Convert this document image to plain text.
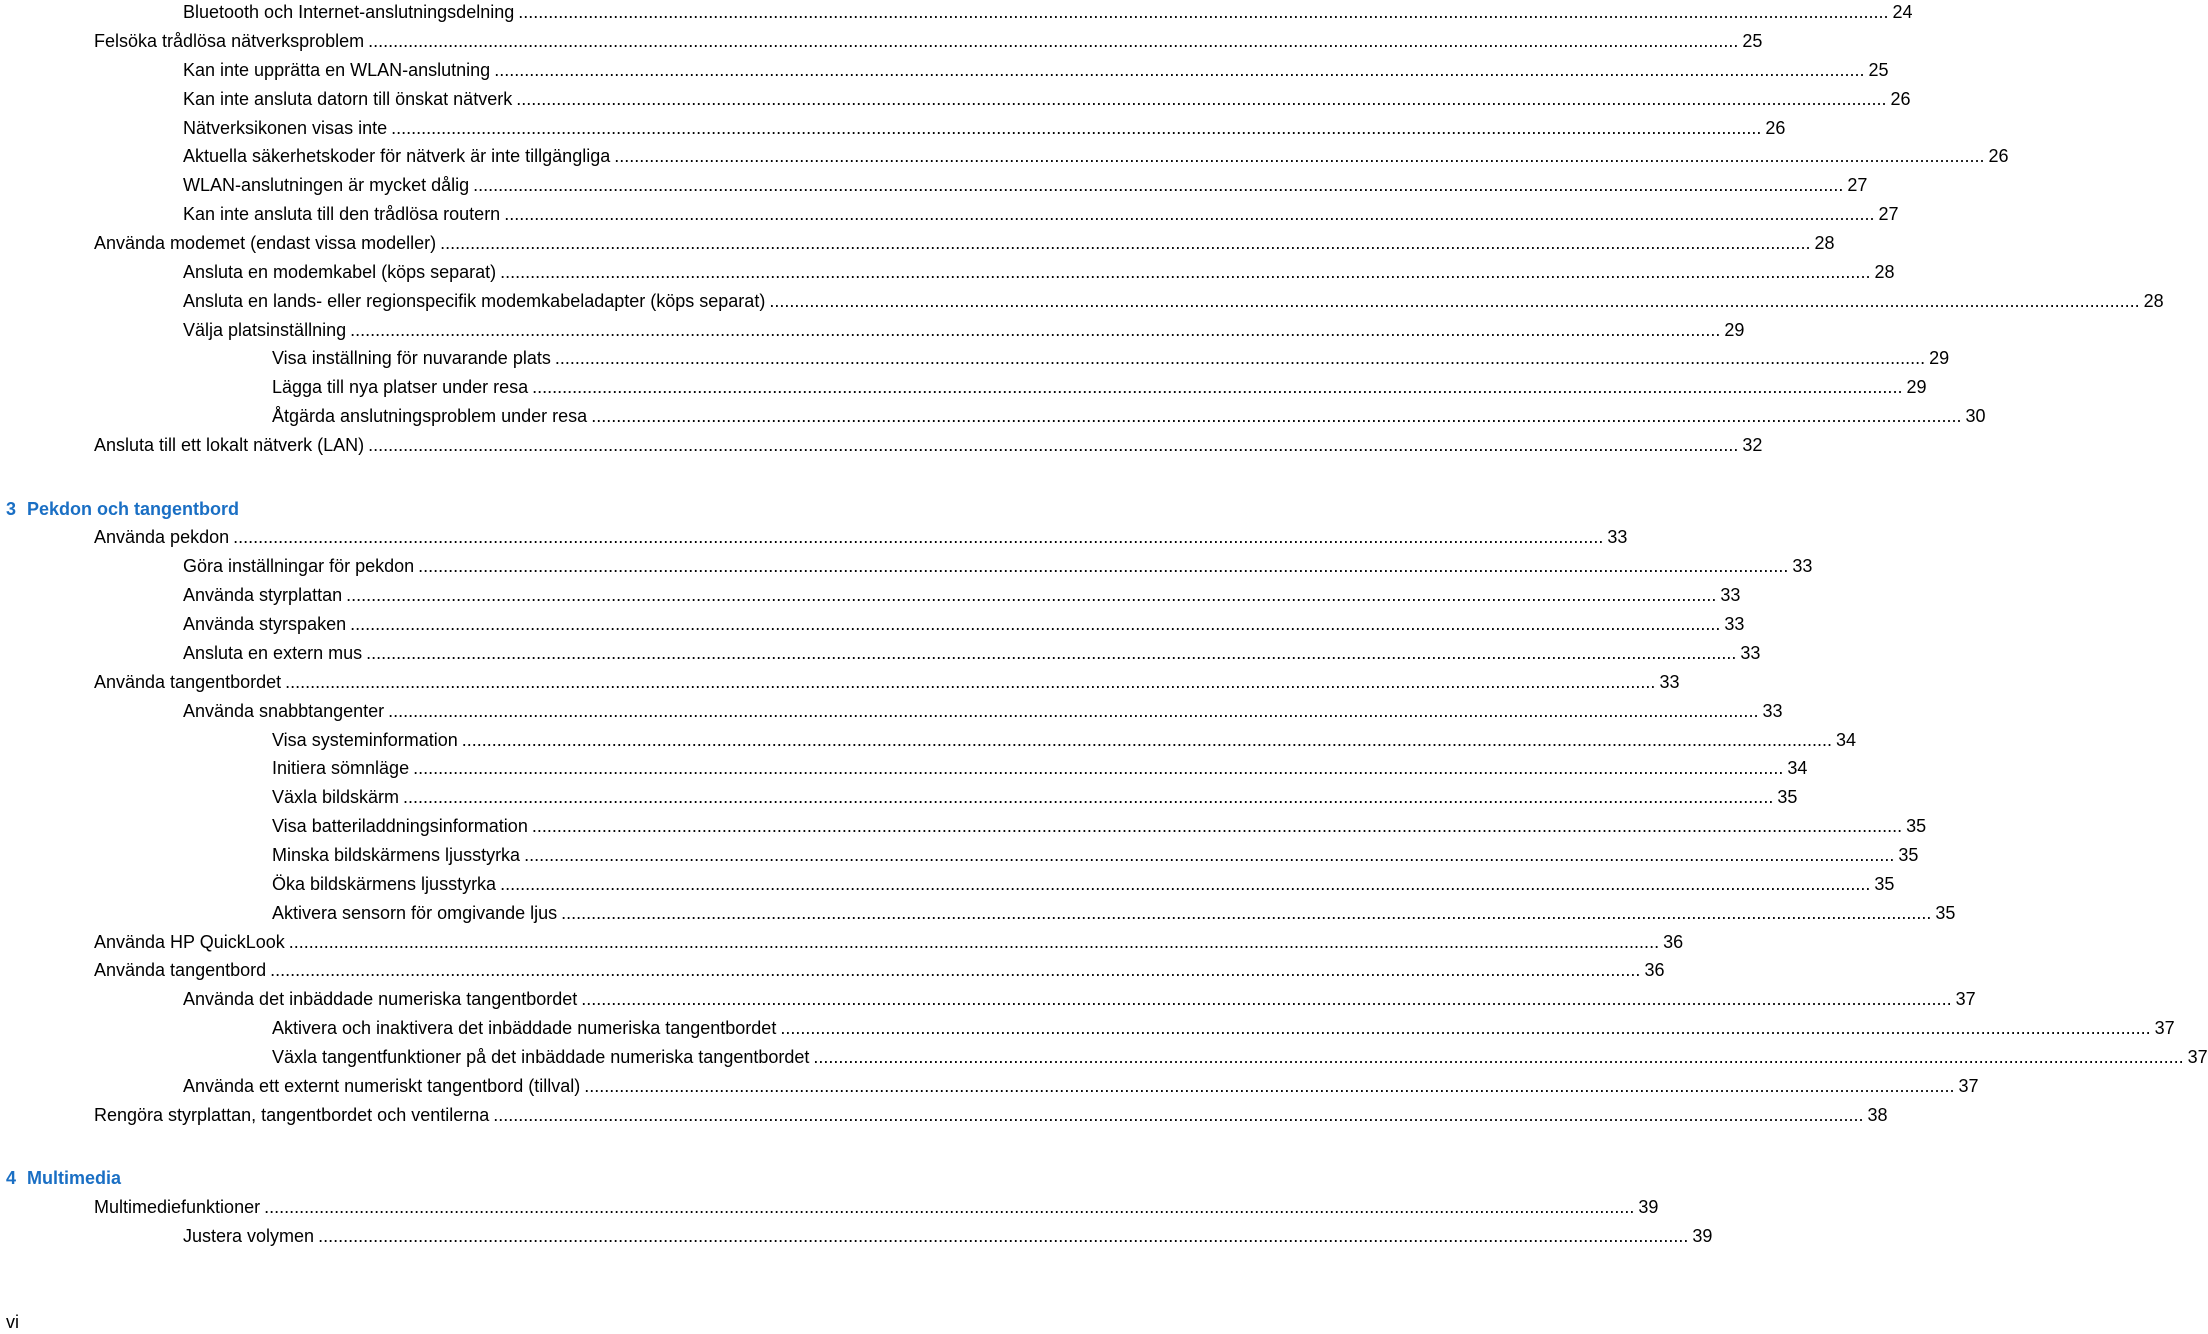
Bluetooth och Internet-anslutningsdelning .................................................................................................................................................................................................................................................................................. 24
Felsöka trådlösa nätverksproblem .................................................................................................................................................................................................................................................................................. 25
Kan inte upprätta en WLAN-anslutning .................................................................................................................................................................................................................................................................................. 25
Kan inte ansluta datorn till önskat nätverk .................................................................................................................................................................................................................................................................................. 26
Nätverksikonen visas inte .................................................................................................................................................................................................................................................................................. 26
Aktuella säkerhetskoder för nätverk är inte tillgängliga .................................................................................................................................................................................................................................................................................. 26
WLAN-anslutningen är mycket dålig .................................................................................................................................................................................................................................................................................. 27
Kan inte ansluta till den trådlösa routern .................................................................................................................................................................................................................................................................................. 27
Använda modemet (endast vissa modeller) .................................................................................................................................................................................................................................................................................. 28
Ansluta en modemkabel (köps separat) .................................................................................................................................................................................................................................................................................. 28
Ansluta en lands- eller regionspecifik modemkabeladapter (köps separat) .................................................................................................................................................................................................................................................................................. 28
Välja platsinställning .................................................................................................................................................................................................................................................................................. 29
Visa inställning för nuvarande plats .................................................................................................................................................................................................................................................................................. 29
Lägga till nya platser under resa .................................................................................................................................................................................................................................................................................. 29
Åtgärda anslutningsproblem under resa .................................................................................................................................................................................................................................................................................. 30
Ansluta till ett lokalt nätverk (LAN) .................................................................................................................................................................................................................................................................................. 32
3 Pekdon och tangentbord
Använda pekdon .................................................................................................................................................................................................................................................................................. 33
Göra inställningar för pekdon .................................................................................................................................................................................................................................................................................. 33
Använda styrplattan .................................................................................................................................................................................................................................................................................. 33
Använda styrspaken .................................................................................................................................................................................................................................................................................. 33
Ansluta en extern mus .................................................................................................................................................................................................................................................................................. 33
Använda tangentbordet .................................................................................................................................................................................................................................................................................. 33
Använda snabbtangenter .................................................................................................................................................................................................................................................................................. 33
Visa systeminformation .................................................................................................................................................................................................................................................................................. 34
Initiera sömnläge .................................................................................................................................................................................................................................................................................. 34
Växla bildskärm .................................................................................................................................................................................................................................................................................. 35
Visa batteriladdningsinformation .................................................................................................................................................................................................................................................................................. 35
Minska bildskärmens ljusstyrka .................................................................................................................................................................................................................................................................................. 35
Öka bildskärmens ljusstyrka .................................................................................................................................................................................................................................................................................. 35
Aktivera sensorn för omgivande ljus .................................................................................................................................................................................................................................................................................. 35
Använda HP QuickLook .................................................................................................................................................................................................................................................................................. 36
Använda tangentbord .................................................................................................................................................................................................................................................................................. 36
Använda det inbäddade numeriska tangentbordet .................................................................................................................................................................................................................................................................................. 37
Aktivera och inaktivera det inbäddade numeriska tangentbordet .................................................................................................................................................................................................................................................................................. 37
Växla tangentfunktioner på det inbäddade numeriska tangentbordet .................................................................................................................................................................................................................................................................................. 37
Använda ett externt numeriskt tangentbord (tillval) .................................................................................................................................................................................................................................................................................. 37
Rengöra styrplattan, tangentbordet och ventilerna .................................................................................................................................................................................................................................................................................. 38
4 Multimedia
Multimediefunktioner .................................................................................................................................................................................................................................................................................. 39
Justera volymen .................................................................................................................................................................................................................................................................................. 39
vi
